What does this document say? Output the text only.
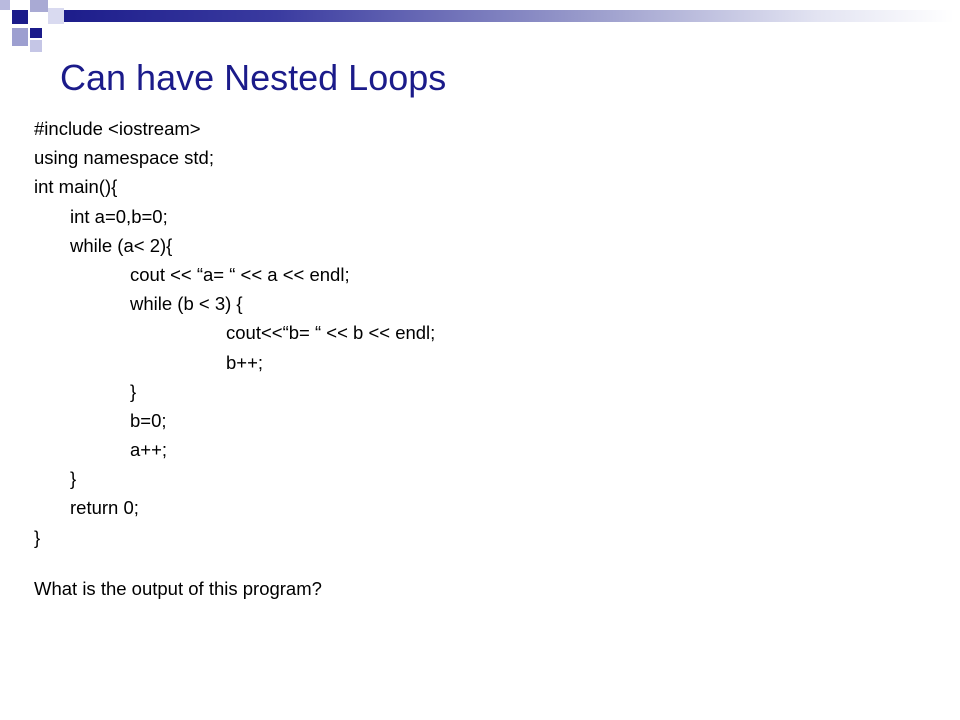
Can have Nested Loops
#include <iostream>
using namespace std;
int main(){
int a=0,b=0;
while (a< 2){
cout << “a= “ << a << endl;
while (b < 3) {
cout<<“b= “ << b << endl;
b++;
}
b=0;
a++;
}
return 0;
}

What is the output of this program?
